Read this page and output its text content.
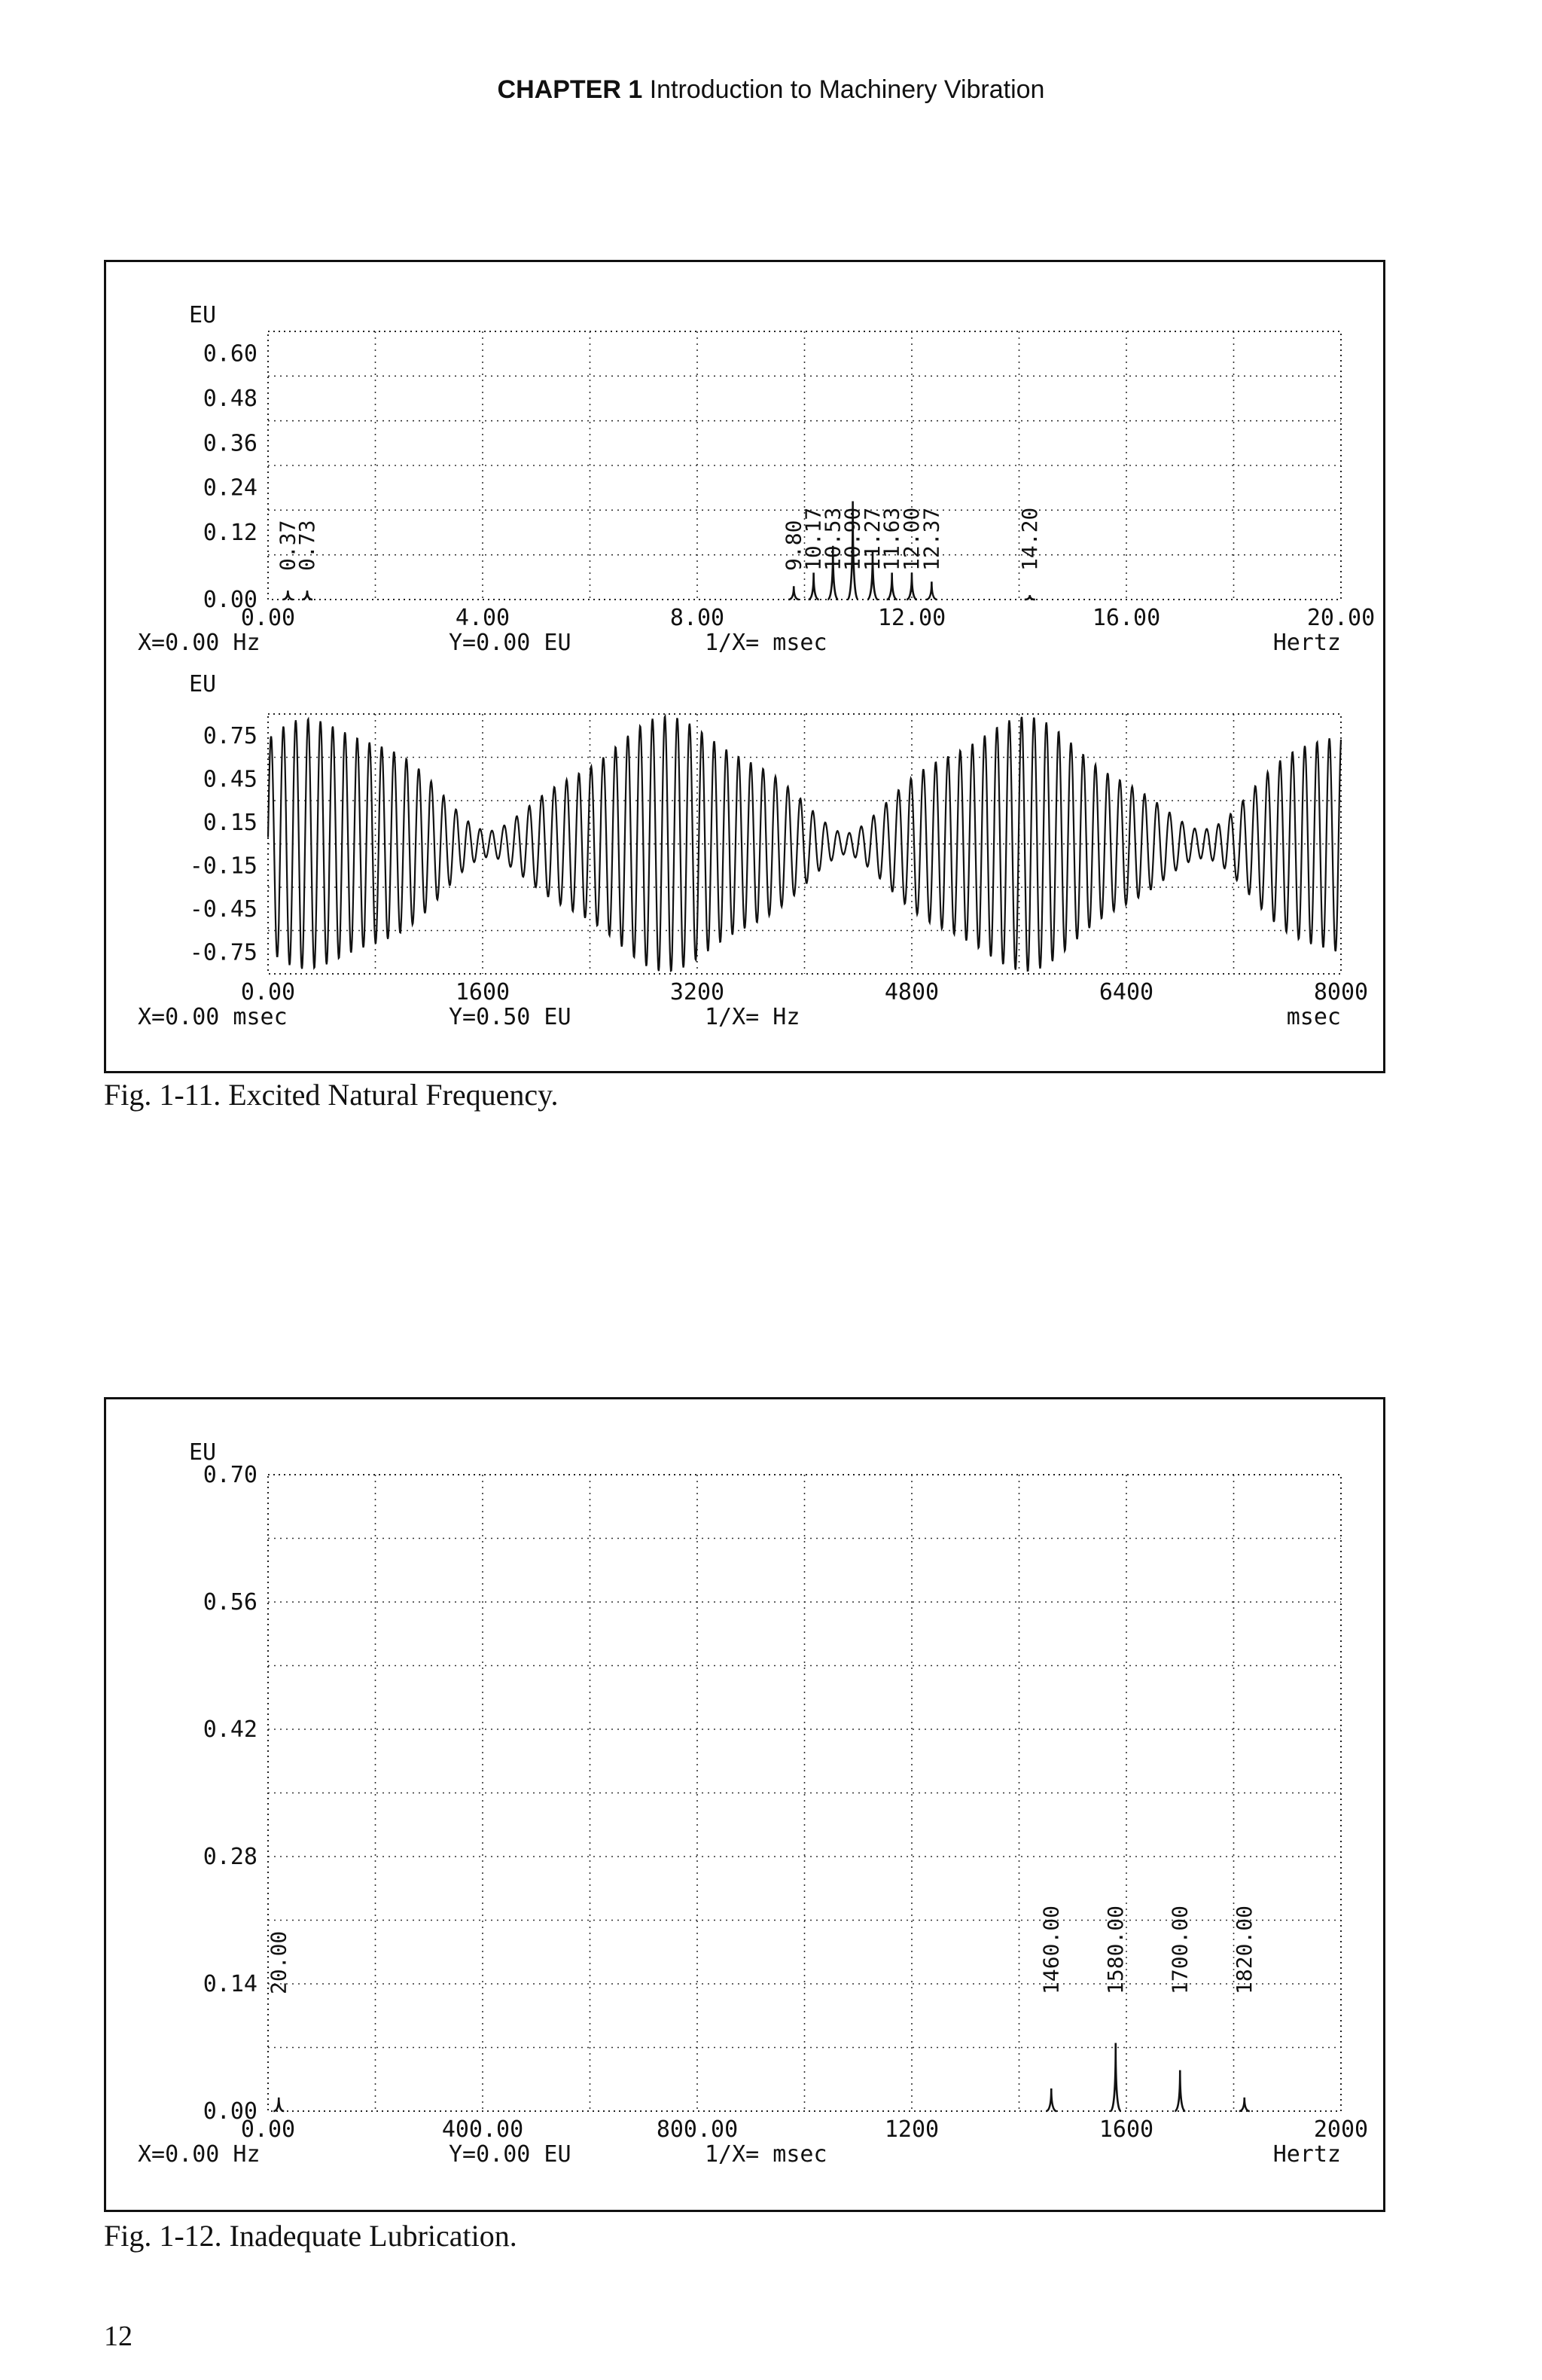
CHAPTER 1 Introduction to Machinery Vibration
EU
0.60
0.48
0.36
0.24
0.12
0.00
0.00	4.00	8.00	12.00	16.00	20.00
0.37
0.73	9.80
10.17
10.53
10.90
11.27
11.63
12.00
12.37	14.20
X=0.00 Hz	Y=0.00 EU	1/X= msec	Hertz
EU
0.75
0.45
0.15
-0.15
-0.45
-0.75
0.00	1600	3200	4800	6400	8000
X=0.00 msec	Y=0.50 EU	1/X= Hz	msec
Fig. 1-11. Excited Natural Frequency.
EU
0.70
0.56
0.42
0.28
0.14
0.00
0.00	400.00	800.00	1200	1600	2000
20.00	1460.00 1580.00 1700.00 1820.00
X=0.00 Hz	Y=0.00 EU	1/X= msec	Hertz
Fig. 1-12. Inadequate Lubrication.
12
